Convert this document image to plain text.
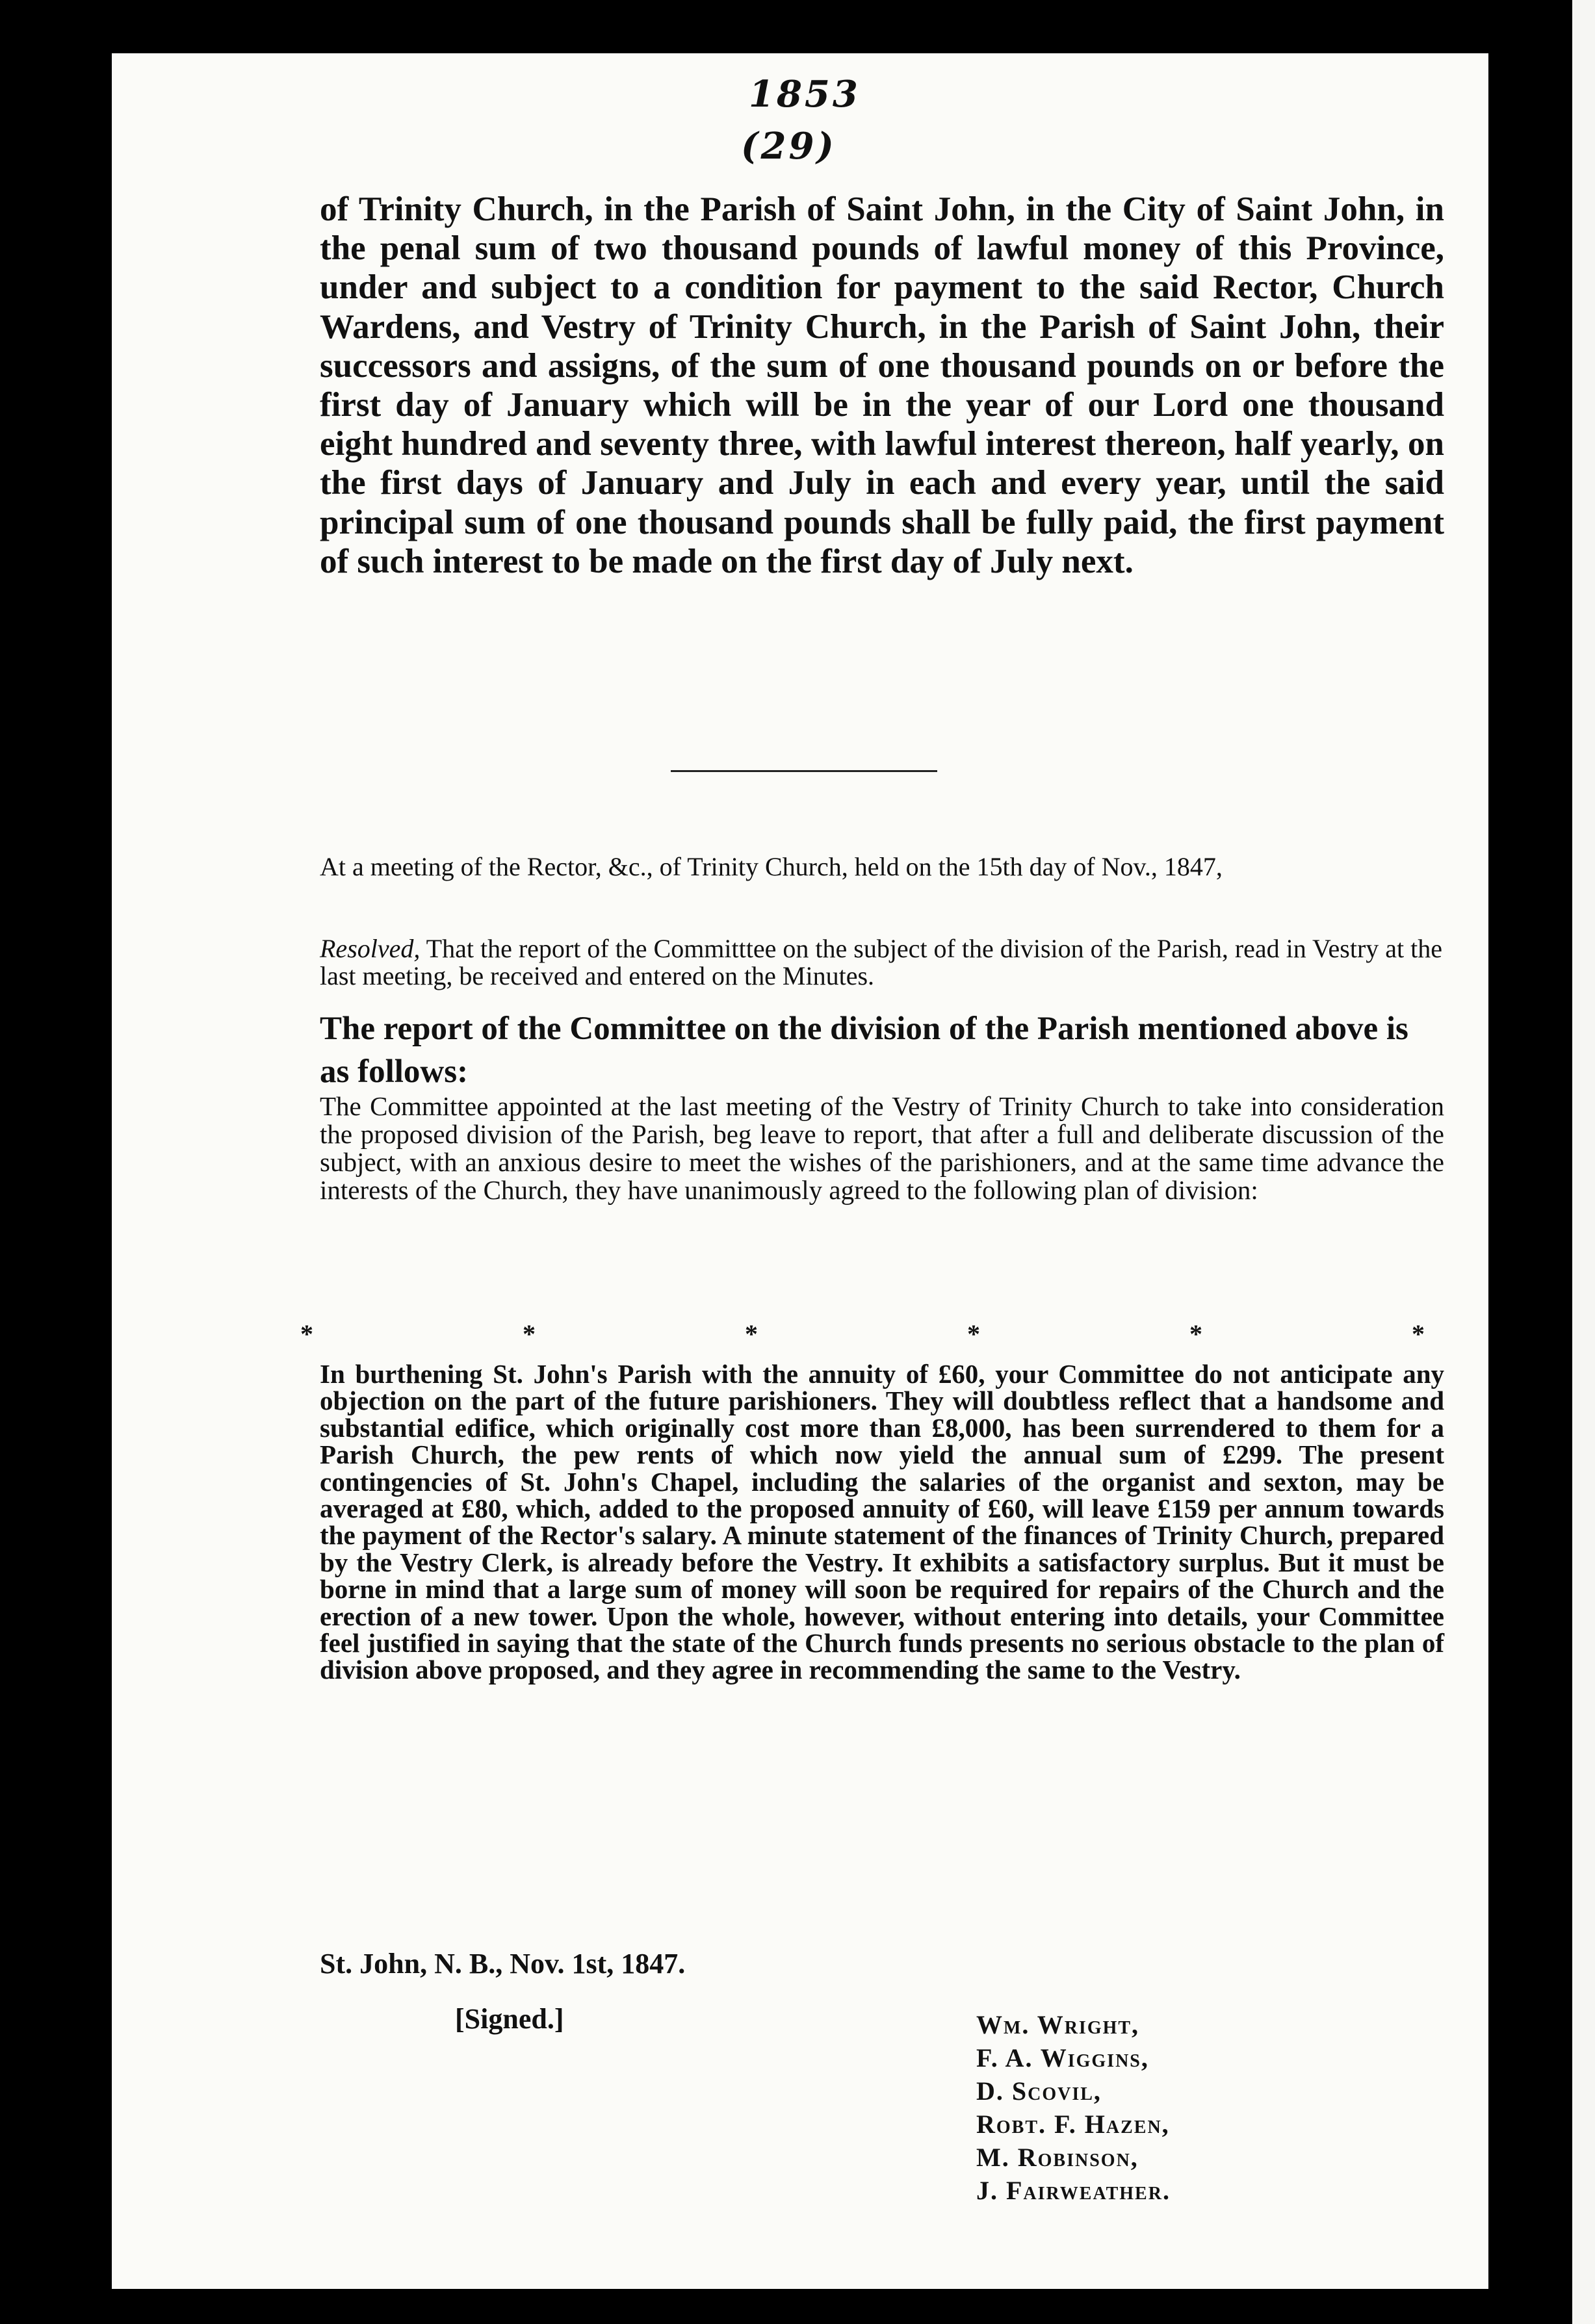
1853
(29)
of Trinity Church, in the Parish of Saint John, in the City of Saint John, in the penal sum of two thousand pounds of lawful money of this Province, under and subject to a condition for payment to the said Rector, Church Wardens, and Vestry of Trinity Church, in the Parish of Saint John, their successors and assigns, of the sum of one thousand pounds on or before the first day of January which will be in the year of our Lord one thousand eight hundred and seventy three, with lawful interest thereon, half yearly, on the first days of January and July in each and every year, until the said principal sum of one thousand pounds shall be fully paid, the first payment of such interest to be made on the first day of July next.

At a meeting of the Rector, &c., of Trinity Church, held on the 15th day of Nov., 1847,

Resolved, That the report of the Committtee on the subject of the division of the Parish, read in Vestry at the last meeting, be received and entered on the Minutes.

The report of the Committee on the division of the Parish mentioned above is as follows:
The Committee appointed at the last meeting of the Vestry of Trinity Church to take into consideration the proposed division of the Parish, beg leave to report, that after a full and deliberate discussion of the subject, with an anxious desire to meet the wishes of the parishioners, and at the same time advance the interests of the Church, they have unanimously agreed to the following plan of division:
*	*	*	*	*	*
In burthening St. John's Parish with the annuity of £60, your Committee do not anticipate any objection on the part of the future parishioners. They will doubtless reflect that a handsome and substantial edifice, which originally cost more than £8,000, has been surrendered to them for a Parish Church, the pew rents of which now yield the annual sum of £299. The present contingencies of St. John's Chapel, including the salaries of the organist and sexton, may be averaged at £80, which, added to the proposed annuity of £60, will leave £159 per annum towards the payment of the Rector's salary. A minute statement of the finances of Trinity Church, prepared by the Vestry Clerk, is already before the Vestry. It exhibits a satisfactory surplus. But it must be borne in mind that a large sum of money will soon be required for repairs of the Church and the erection of a new tower. Upon the whole, however, without entering into details, your Committee feel justified in saying that the state of the Church funds presents no serious obstacle to the plan of division above proposed, and they agree in recommending the same to the Vestry.
St. John, N. B., Nov. 1st, 1847.
[Signed.]	Wm. Wright,
F. A. Wiggins,
D. Scovil,
Robt. F. Hazen,
M. Robinson,
J. Fairweather.
